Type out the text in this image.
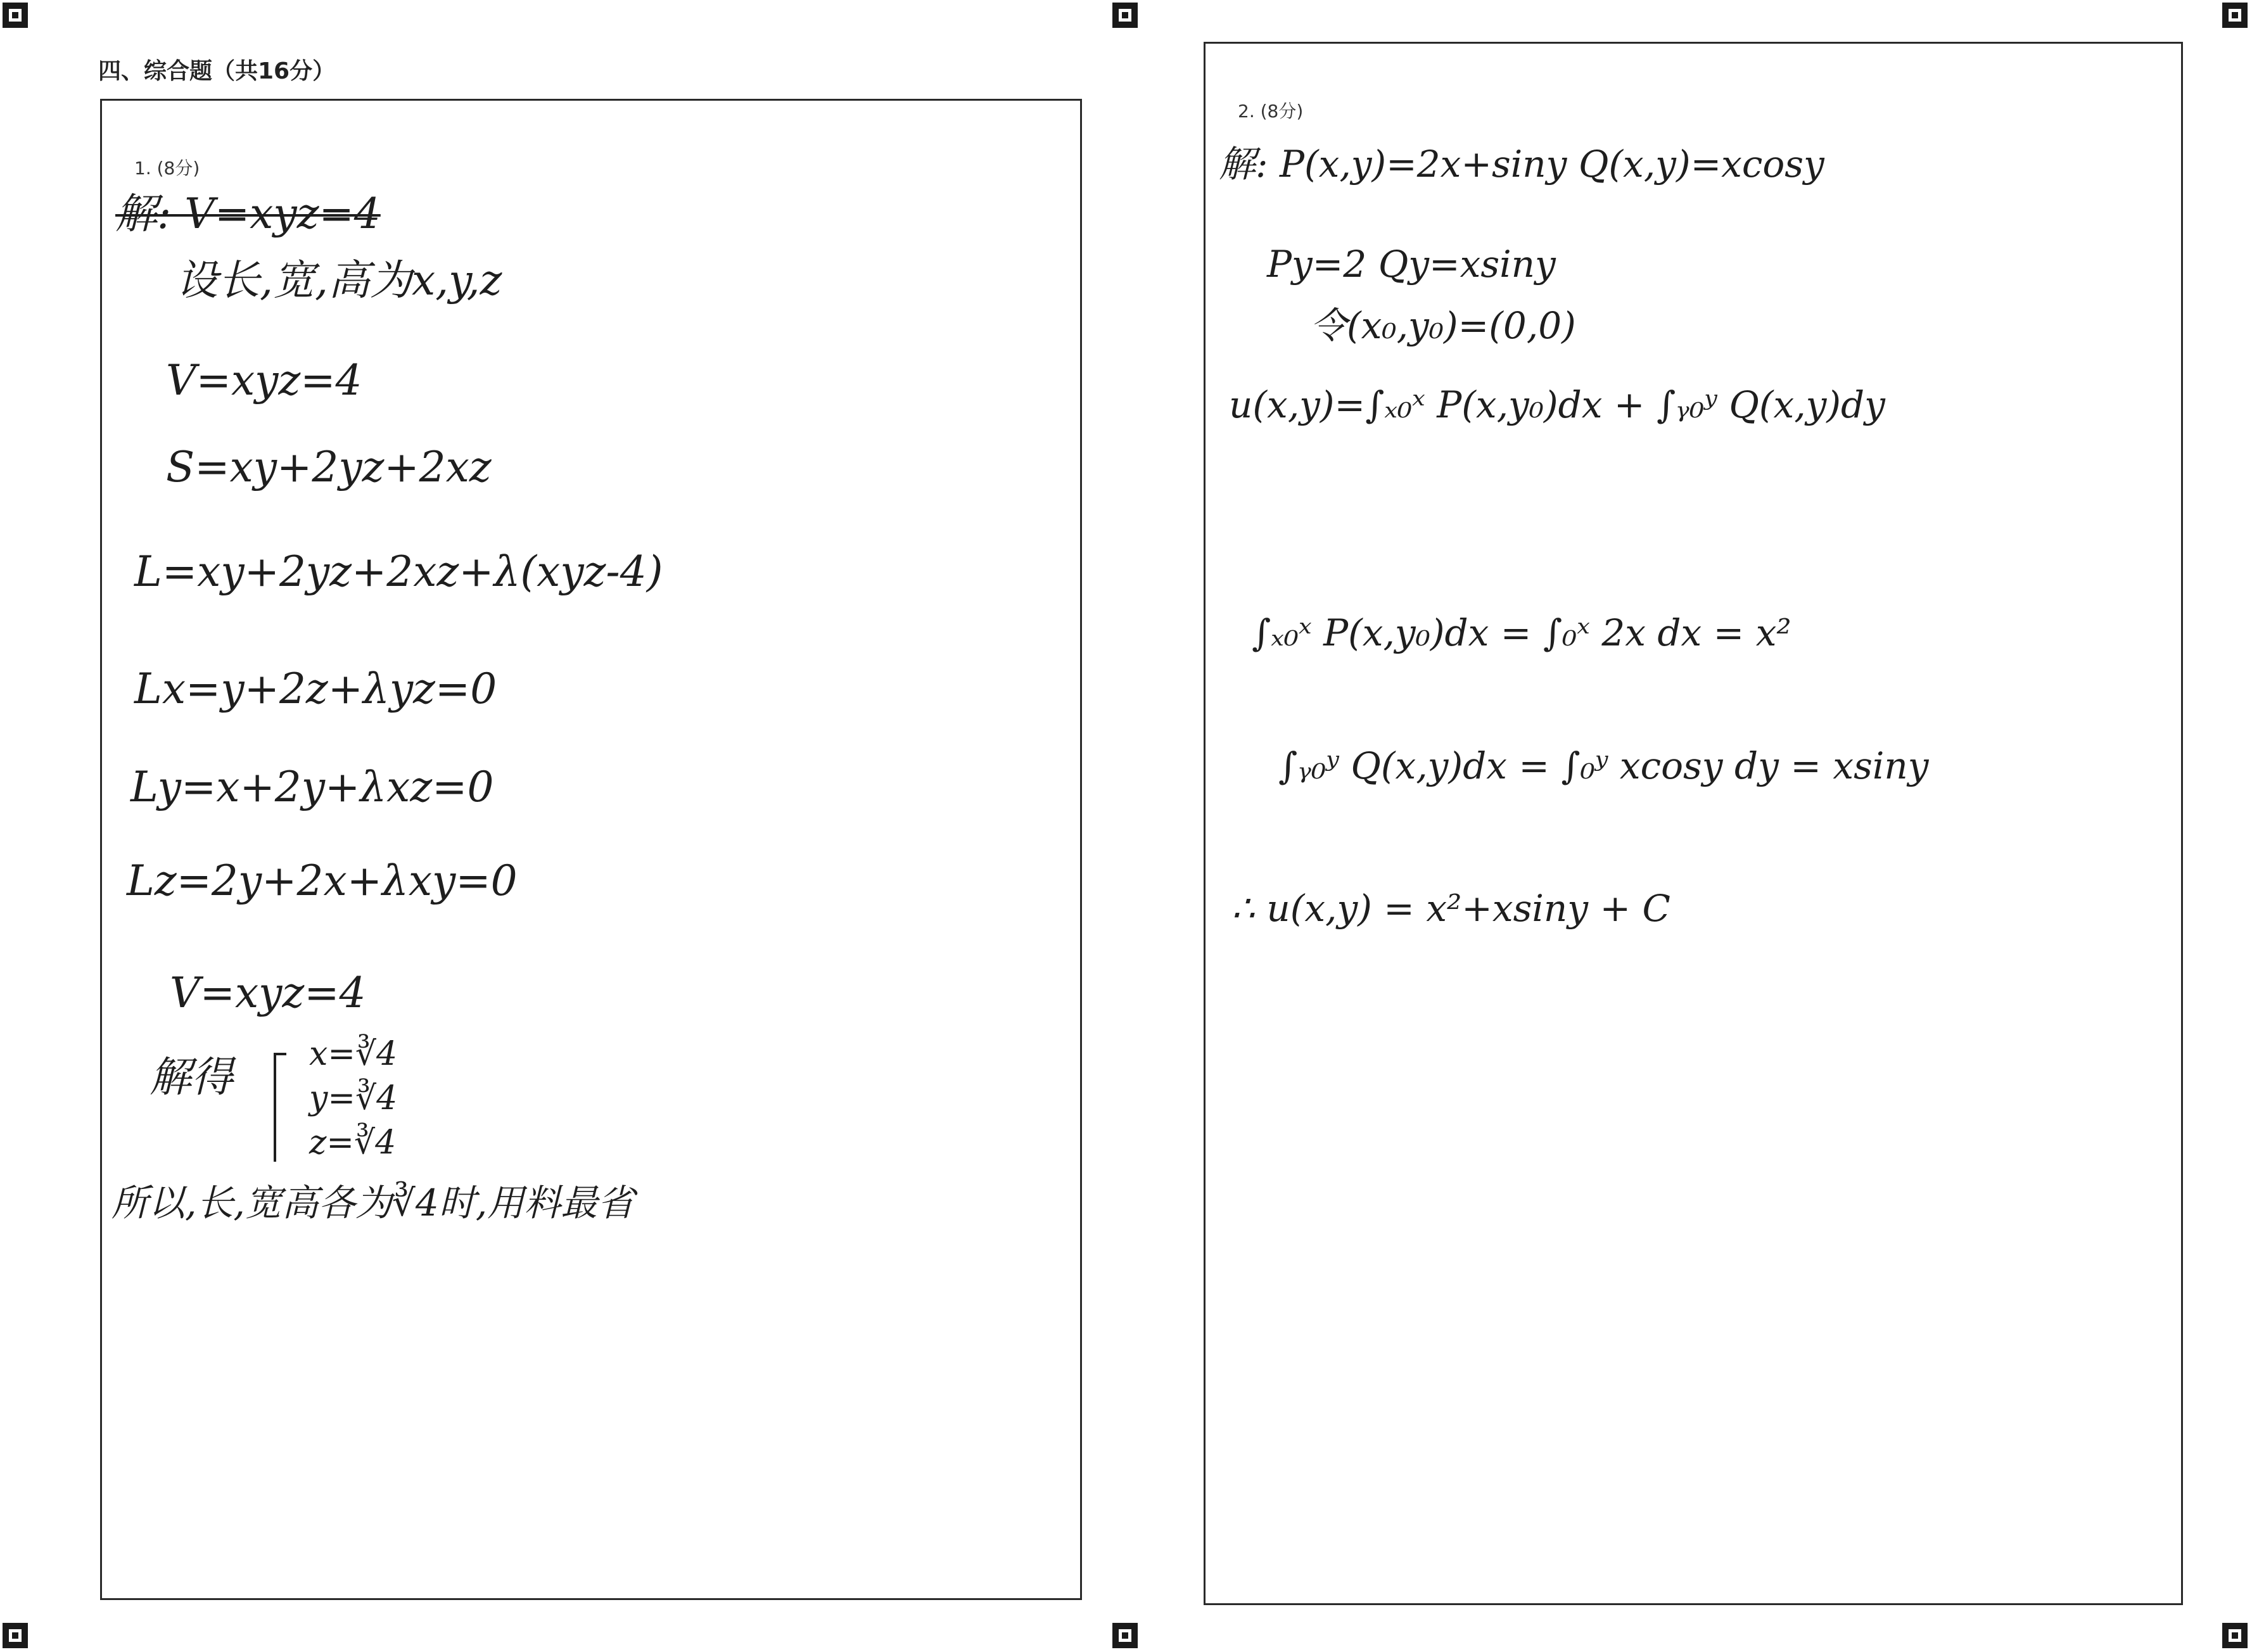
四、综合题（共16分）
1. (8分)
解: V=xyz=4
设长,宽,高为x,y,z
V=xyz=4
S=xy+2yz+2xz
L=xy+2yz+2xz+λ(xyz-4)
Lx=y+2z+λyz=0
Ly=x+2y+λxz=0
Lz=2y+2x+λxy=0
V=xyz=4
解得 x=∛4
y=∛4
z=∛4
所以,长,宽高各为∛4时,用料最省
2. (8分)
解: P(x,y)=2x+siny Q(x,y)=xcosy
Py=2 Qy=xsiny
令(x₀,y₀)=(0,0)
u(x,y)=∫ₓ₀ˣ P(x,y₀)dx + ∫ᵧ₀ʸ Q(x,y)dy
∫ₓ₀ˣ P(x,y₀)dx = ∫₀ˣ 2x dx = x²
∫ᵧ₀ʸ Q(x,y)dx = ∫₀ʸ xcosy dy = xsiny
∴ u(x,y) = x²+xsiny + C
